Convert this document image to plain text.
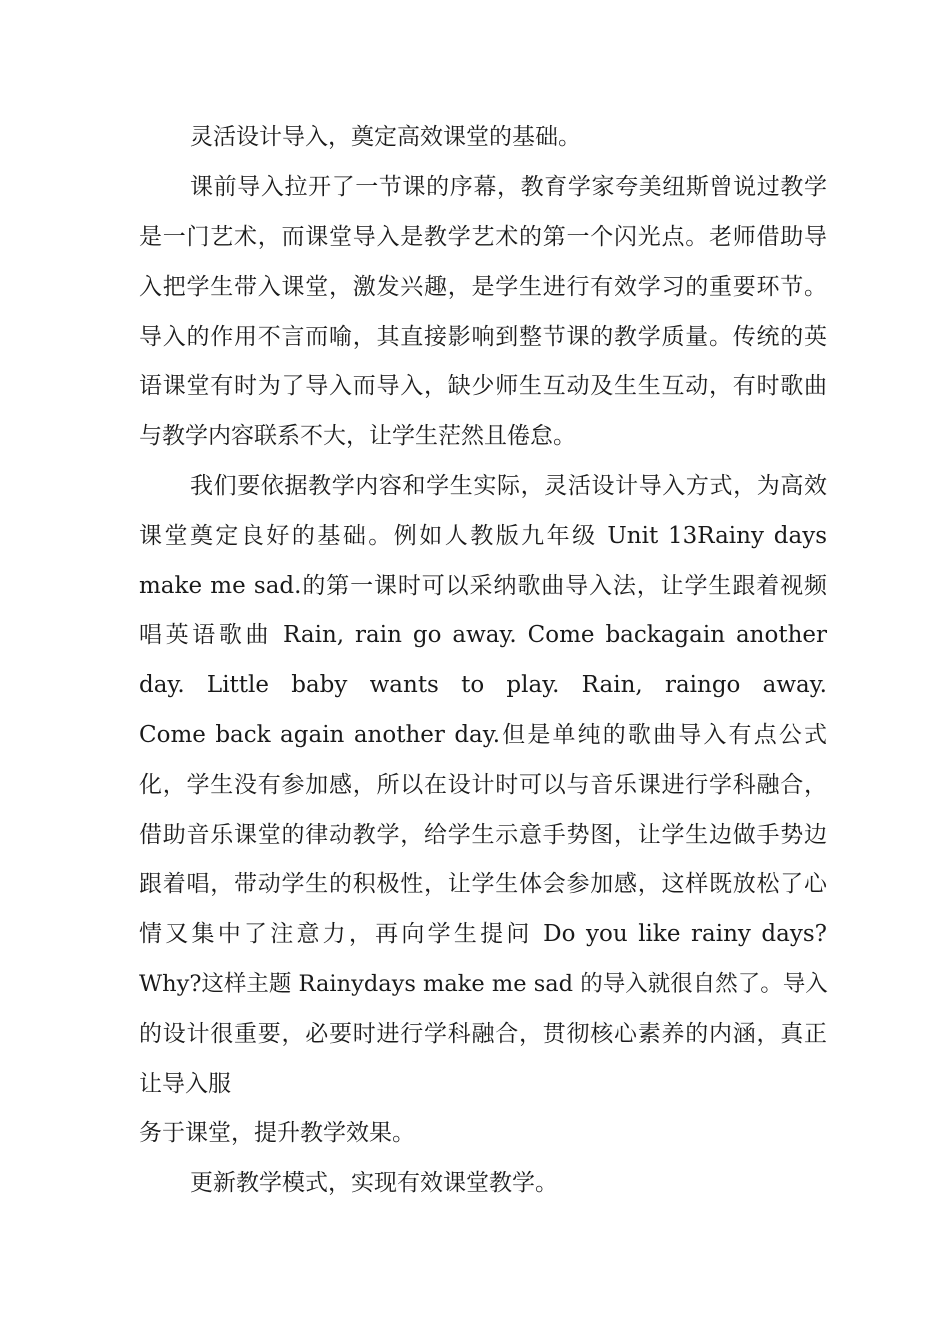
灵活设计导入，奠定高效课堂的基础。
课前导入拉开了一节课的序幕，教育学家夸美纽斯曾说过教学
是一门艺术，而课堂导入是教学艺术的第一个闪光点。老师借助导
入把学生带入课堂，激发兴趣，是学生进行有效学习的重要环节。
导入的作用不言而喻，其直接影响到整节课的教学质量。传统的英
语课堂有时为了导入而导入，缺少师生互动及生生互动，有时歌曲
与教学内容联系不大，让学生茫然且倦怠。
我们要依据教学内容和学生实际，灵活设计导入方式，为高效
课堂奠定良好的基础。例如人教版九年级 Unit 13Rainy days
make me sad.的第一课时可以采纳歌曲导入法，让学生跟着视频
唱英语歌曲 Rain, rain go away. Come backagain another
day. Little baby wants to play. Rain, raingo away.
Come back again another day.但是单纯的歌曲导入有点公式
化，学生没有参加感，所以在设计时可以与音乐课进行学科融合，
借助音乐课堂的律动教学，给学生示意手势图，让学生边做手势边
跟着唱，带动学生的积极性，让学生体会参加感，这样既放松了心
情又集中了注意力，再向学生提问 Do you like rainy days?
Why?这样主题 Rainydays make me sad 的导入就很自然了。导入
的设计很重要，必要时进行学科融合，贯彻核心素养的内涵，真正
让导入服
务于课堂，提升教学效果。
更新教学模式，实现有效课堂教学。
